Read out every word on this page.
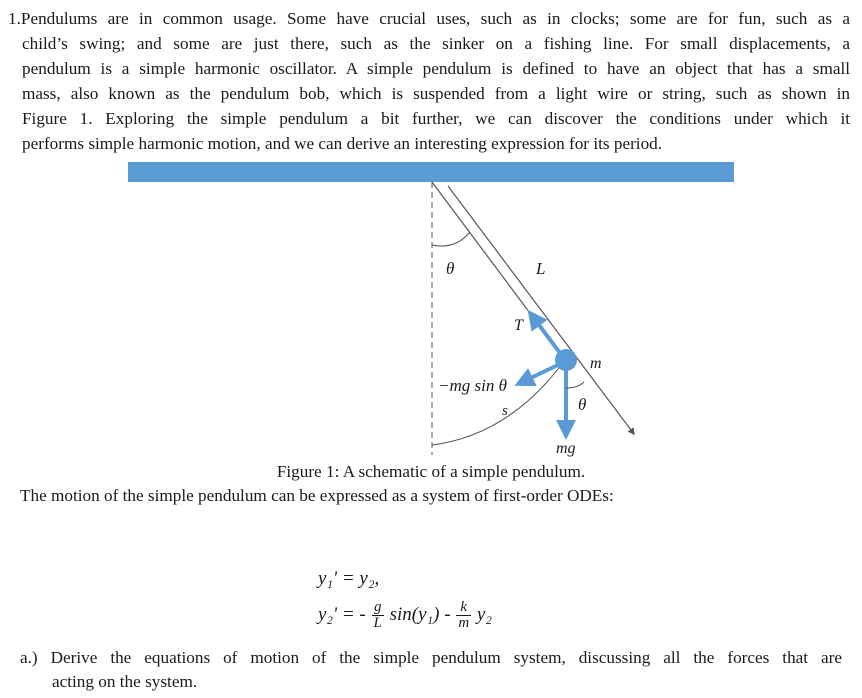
1.Pendulums are in common usage. Some have crucial uses, such as in clocks; some are for fun, such as a
child’s swing; and some are just there, such as the sinker on a fishing line. For small displacements, a
pendulum is a simple harmonic oscillator. A simple pendulum is defined to have an object that has a small
mass, also known as the pendulum bob, which is suspended from a light wire or string, such as shown in
Figure 1. Exploring the simple pendulum a bit further, we can discover the conditions under which it
performs simple harmonic motion, and we can derive an interesting expression for its period.
θ	L
T
m
−mg sin θ
s	θ
mg
Figure 1: A schematic of a simple pendulum.
The motion of the simple pendulum can be expressed as a system of first-order ODEs:
y₁' = y₂,
y₂' = - $\frac{g}{L} \sin(y_1) - \frac{k}{m} y_2$
a.) Derive the equations of motion of the simple pendulum system, discussing all the forces that are
acting on the system.
